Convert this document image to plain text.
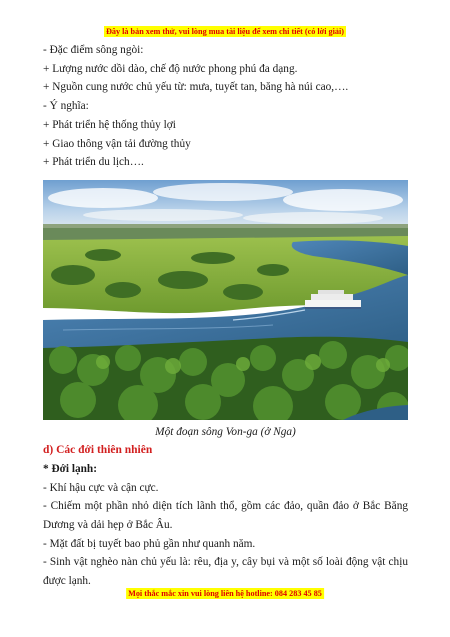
Đây là bản xem thử, vui lòng mua tài liệu để xem chi tiết (có lời giải)

- Đặc điểm sông ngòi:

+ Lượng nước dồi dào, chế độ nước phong phú đa dạng.

+ Nguồn cung nước chủ yếu từ: mưa, tuyết tan, băng hà núi cao,….

- Ý nghĩa:

+ Phát triển hệ thống thủy lợi

+ Giao thông vận tải đường thủy

+ Phát triển du lịch….

Một đoạn sông Von-ga (ở Nga)
d) Các đới thiên nhiên

* Đới lạnh:

- Khí hậu cực và cận cực.

- Chiếm một phần nhỏ diện tích lãnh thổ, gồm các đảo, quần đảo ở Bắc Băng Dương và dải hẹp ở Bắc Âu.

- Mặt đất bị tuyết bao phủ gần như quanh năm.

- Sinh vật nghèo nàn chủ yếu là: rêu, địa y, cây bụi và một số loài động vật chịu được lạnh.

Mọi thắc mắc xin vui lòng liên hệ hotline: 084 283 45 85
